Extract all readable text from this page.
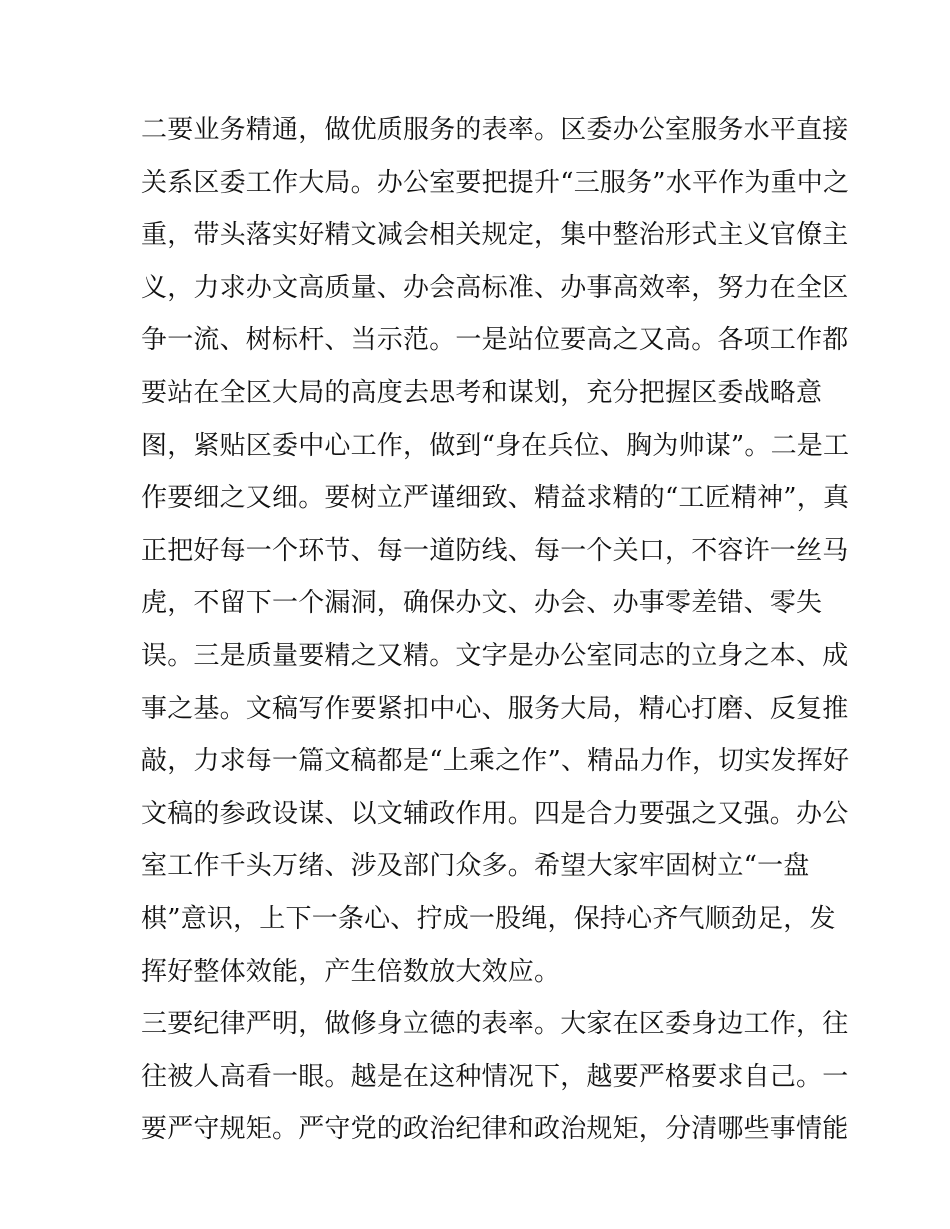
二要业务精通，做优质服务的表率。区委办公室服务水平直接
关系区委工作大局。办公室要把提升“三服务”水平作为重中之
重，带头落实好精文减会相关规定，集中整治形式主义官僚主
义，力求办文高质量、办会高标准、办事高效率，努力在全区
争一流、树标杆、当示范。一是站位要高之又高。各项工作都
要站在全区大局的高度去思考和谋划，充分把握区委战略意
图，紧贴区委中心工作，做到“身在兵位、胸为帅谋”。二是工
作要细之又细。要树立严谨细致、精益求精的“工匠精神”，真
正把好每一个环节、每一道防线、每一个关口，不容许一丝马
虎，不留下一个漏洞，确保办文、办会、办事零差错、零失
误。三是质量要精之又精。文字是办公室同志的立身之本、成
事之基。文稿写作要紧扣中心、服务大局，精心打磨、反复推
敲，力求每一篇文稿都是“上乘之作”、精品力作，切实发挥好
文稿的参政设谋、以文辅政作用。四是合力要强之又强。办公
室工作千头万绪、涉及部门众多。希望大家牢固树立“一盘
棋”意识，上下一条心、拧成一股绳，保持心齐气顺劲足，发
挥好整体效能，产生倍数放大效应。
三要纪律严明，做修身立德的表率。大家在区委身边工作，往
往被人高看一眼。越是在这种情况下，越要严格要求自己。一
要严守规矩。严守党的政治纪律和政治规矩，分清哪些事情能
